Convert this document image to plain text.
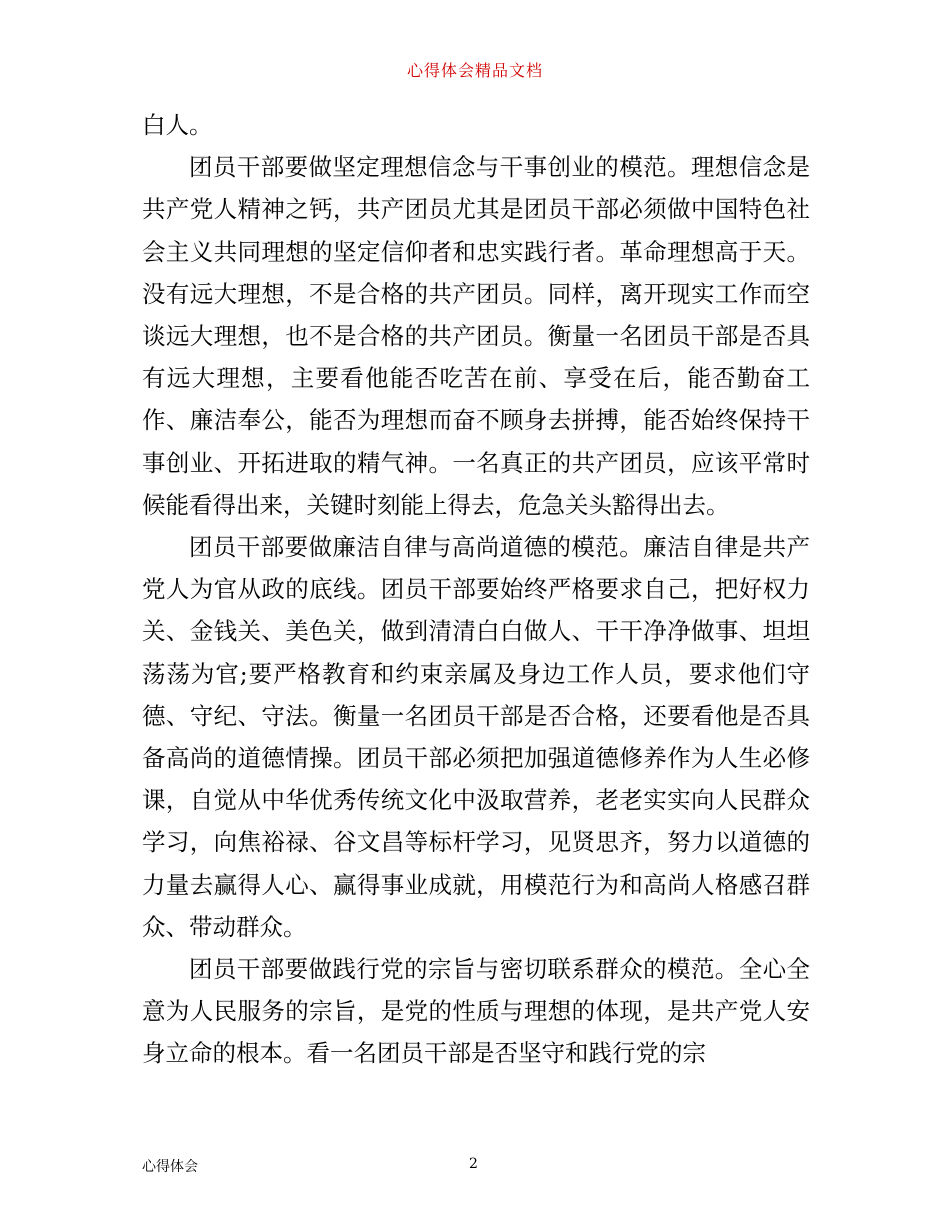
心得体会精品文档

白人。

团员干部要做坚定理想信念与干事创业的模范。理想信念是共产党人精神之钙，共产团员尤其是团员干部必须做中国特色社会主义共同理想的坚定信仰者和忠实践行者。革命理想高于天。没有远大理想，不是合格的共产团员。同样，离开现实工作而空谈远大理想，也不是合格的共产团员。衡量一名团员干部是否具有远大理想，主要看他能否吃苦在前、享受在后，能否勤奋工作、廉洁奉公，能否为理想而奋不顾身去拼搏，能否始终保持干事创业、开拓进取的精气神。一名真正的共产团员，应该平常时候能看得出来，关键时刻能上得去，危急关头豁得出去。

团员干部要做廉洁自律与高尚道德的模范。廉洁自律是共产党人为官从政的底线。团员干部要始终严格要求自己，把好权力关、金钱关、美色关，做到清清白白做人、干干净净做事、坦坦荡荡为官;要严格教育和约束亲属及身边工作人员，要求他们守德、守纪、守法。衡量一名团员干部是否合格，还要看他是否具备高尚的道德情操。团员干部必须把加强道德修养作为人生必修课，自觉从中华优秀传统文化中汲取营养，老老实实向人民群众学习，向焦裕禄、谷文昌等标杆学习，见贤思齐，努力以道德的力量去赢得人心、赢得事业成就，用模范行为和高尚人格感召群众、带动群众。

团员干部要做践行党的宗旨与密切联系群众的模范。全心全意为人民服务的宗旨，是党的性质与理想的体现，是共产党人安身立命的根本。看一名团员干部是否坚守和践行党的宗

心得体会	2
